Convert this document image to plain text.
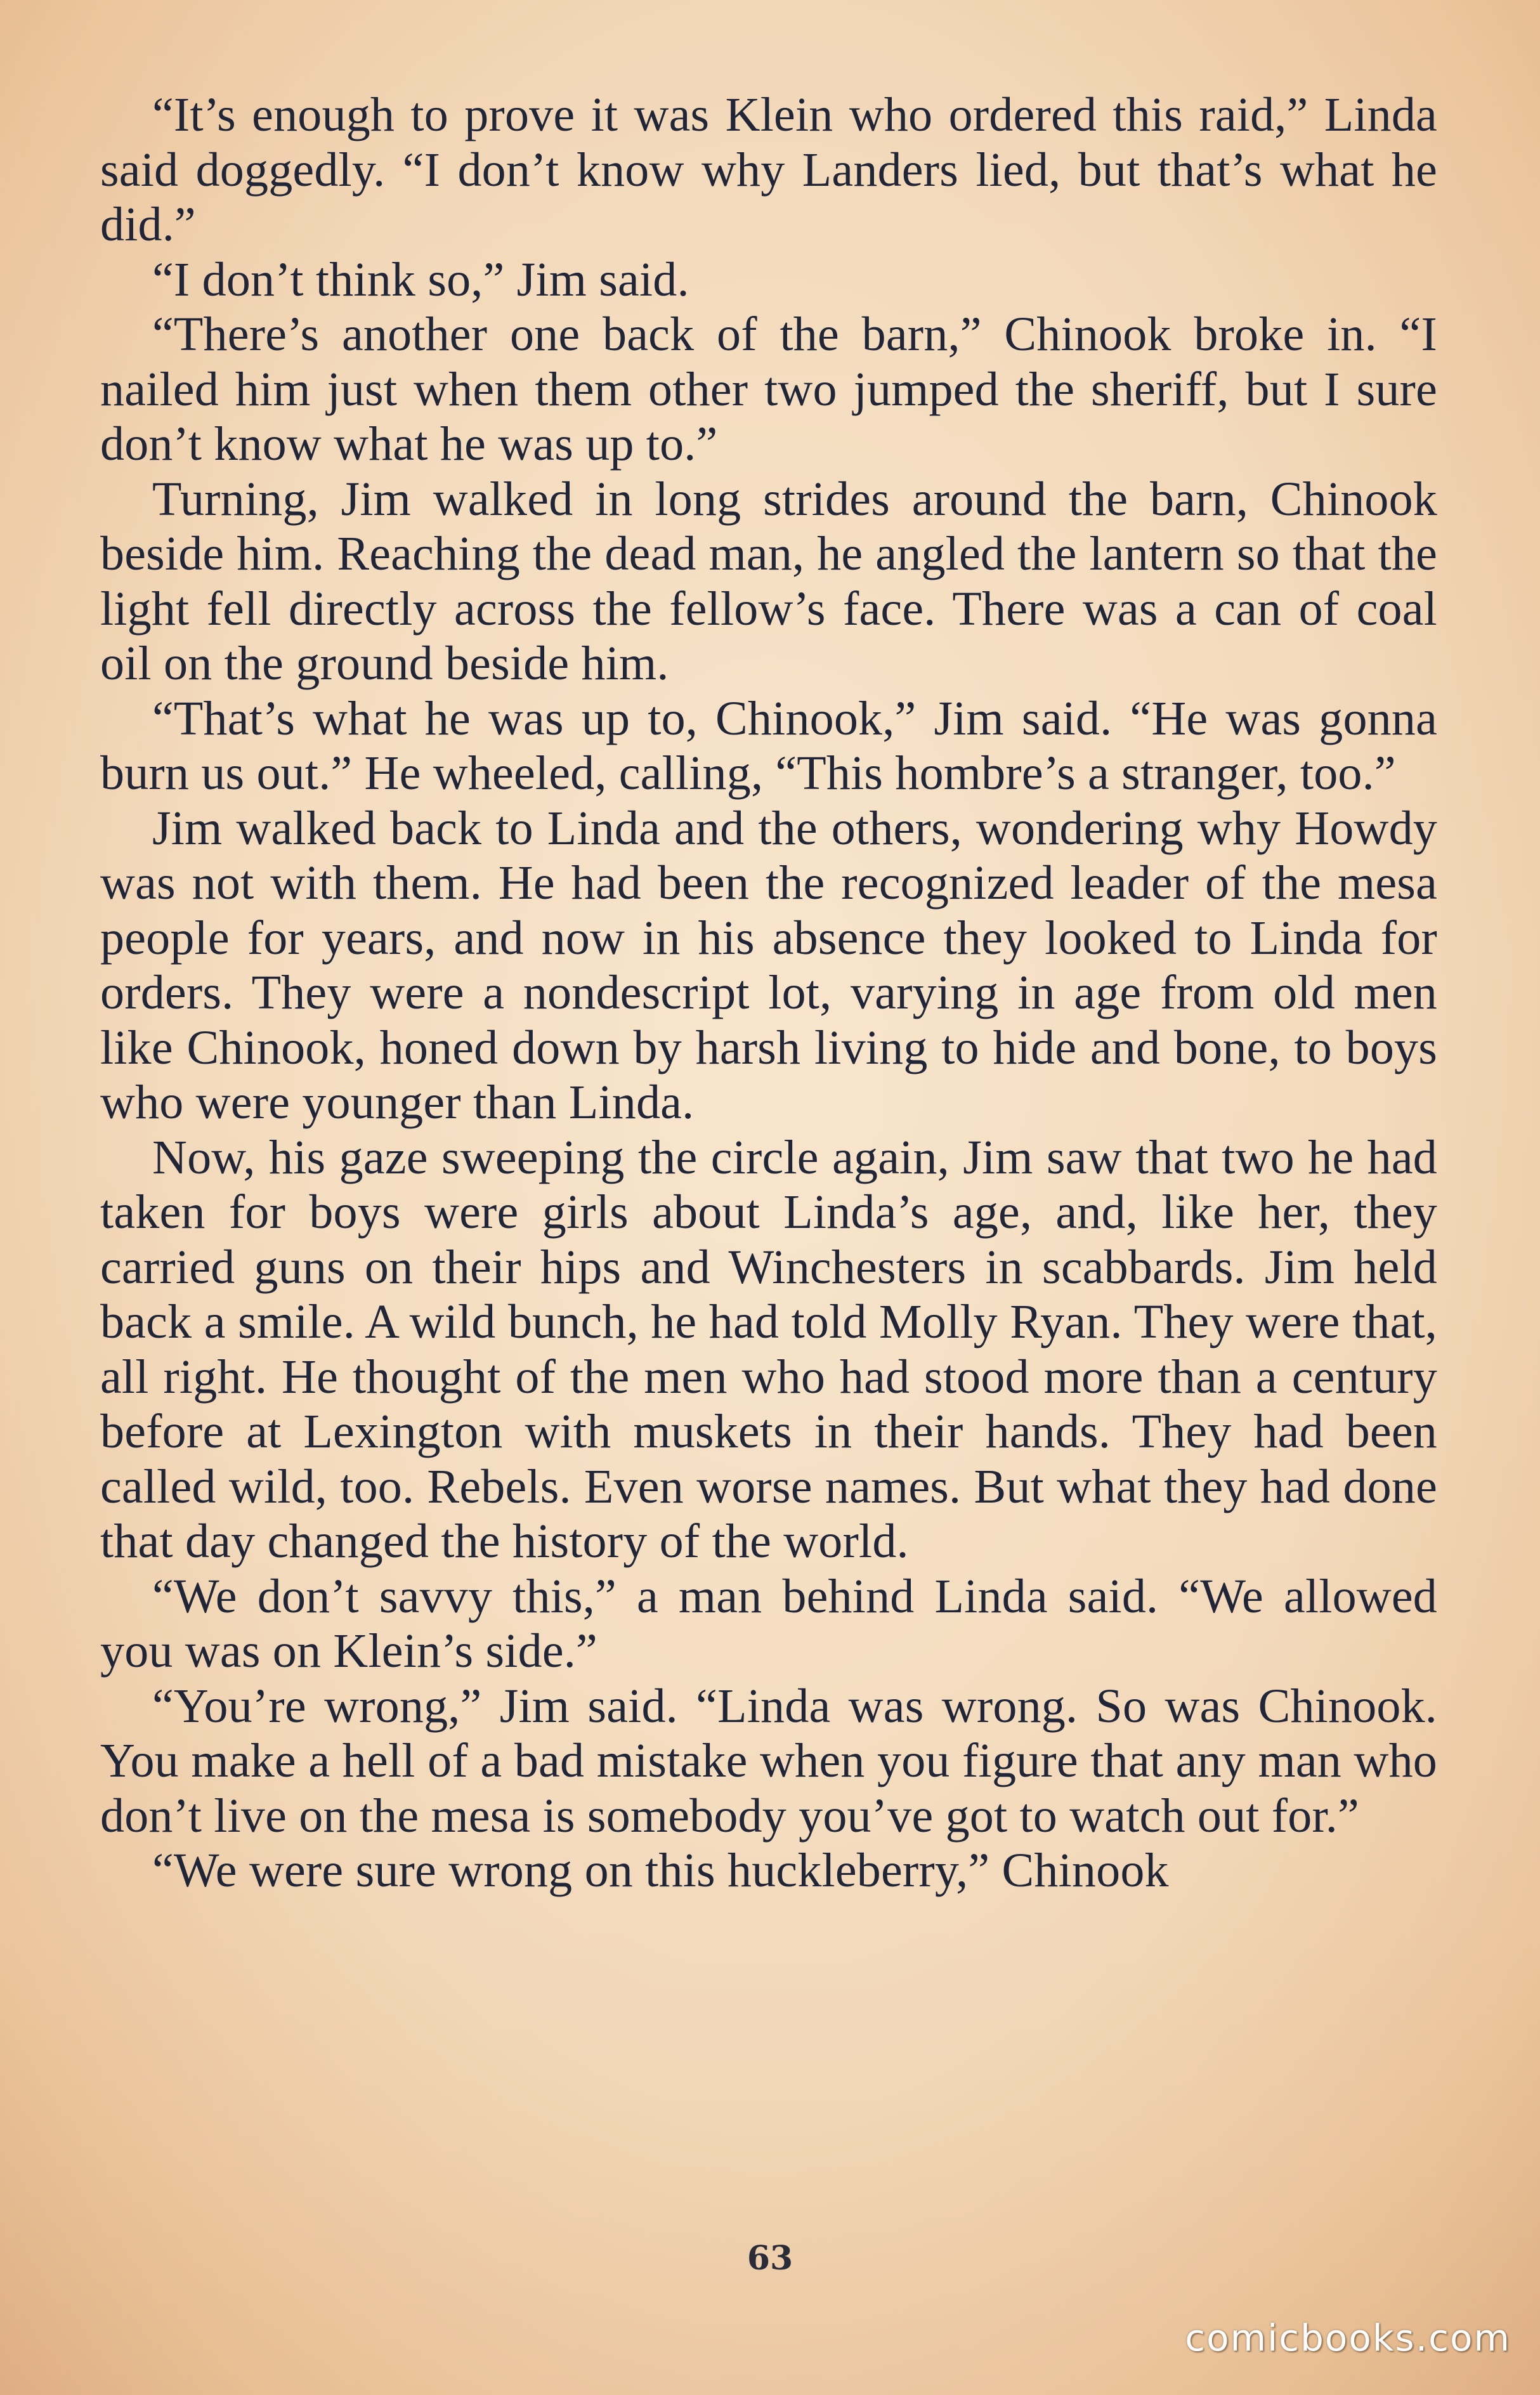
“It’s enough to prove it was Klein who ordered this raid,” Linda said doggedly. “I don’t know why Landers lied, but that’s what he did.”

“I don’t think so,” Jim said.

“There’s another one back of the barn,” Chinook broke in. “I nailed him just when them other two jumped the sheriff, but I sure don’t know what he was up to.”

Turning, Jim walked in long strides around the barn, Chinook beside him. Reaching the dead man, he angled the lantern so that the light fell directly across the fellow’s face. There was a can of coal oil on the ground beside him.

“That’s what he was up to, Chinook,” Jim said. “He was gonna burn us out.” He wheeled, calling, “This hombre’s a stranger, too.”

Jim walked back to Linda and the others, wondering why Howdy was not with them. He had been the recognized leader of the mesa people for years, and now in his absence they looked to Linda for orders. They were a nondescript lot, varying in age from old men like Chinook, honed down by harsh living to hide and bone, to boys who were younger than Linda.

Now, his gaze sweeping the circle again, Jim saw that two he had taken for boys were girls about Linda’s age, and, like her, they carried guns on their hips and Winchesters in scabbards. Jim held back a smile. A wild bunch, he had told Molly Ryan. They were that, all right. He thought of the men who had stood more than a century before at Lexington with muskets in their hands. They had been called wild, too. Rebels. Even worse names. But what they had done that day changed the history of the world.

“We don’t savvy this,” a man behind Linda said. “We allowed you was on Klein’s side.”

“You’re wrong,” Jim said. “Linda was wrong. So was Chinook. You make a hell of a bad mistake when you figure that any man who don’t live on the mesa is somebody you’ve got to watch out for.”

“We were sure wrong on this huckleberry,” Chinook

63
comicbooks.com
